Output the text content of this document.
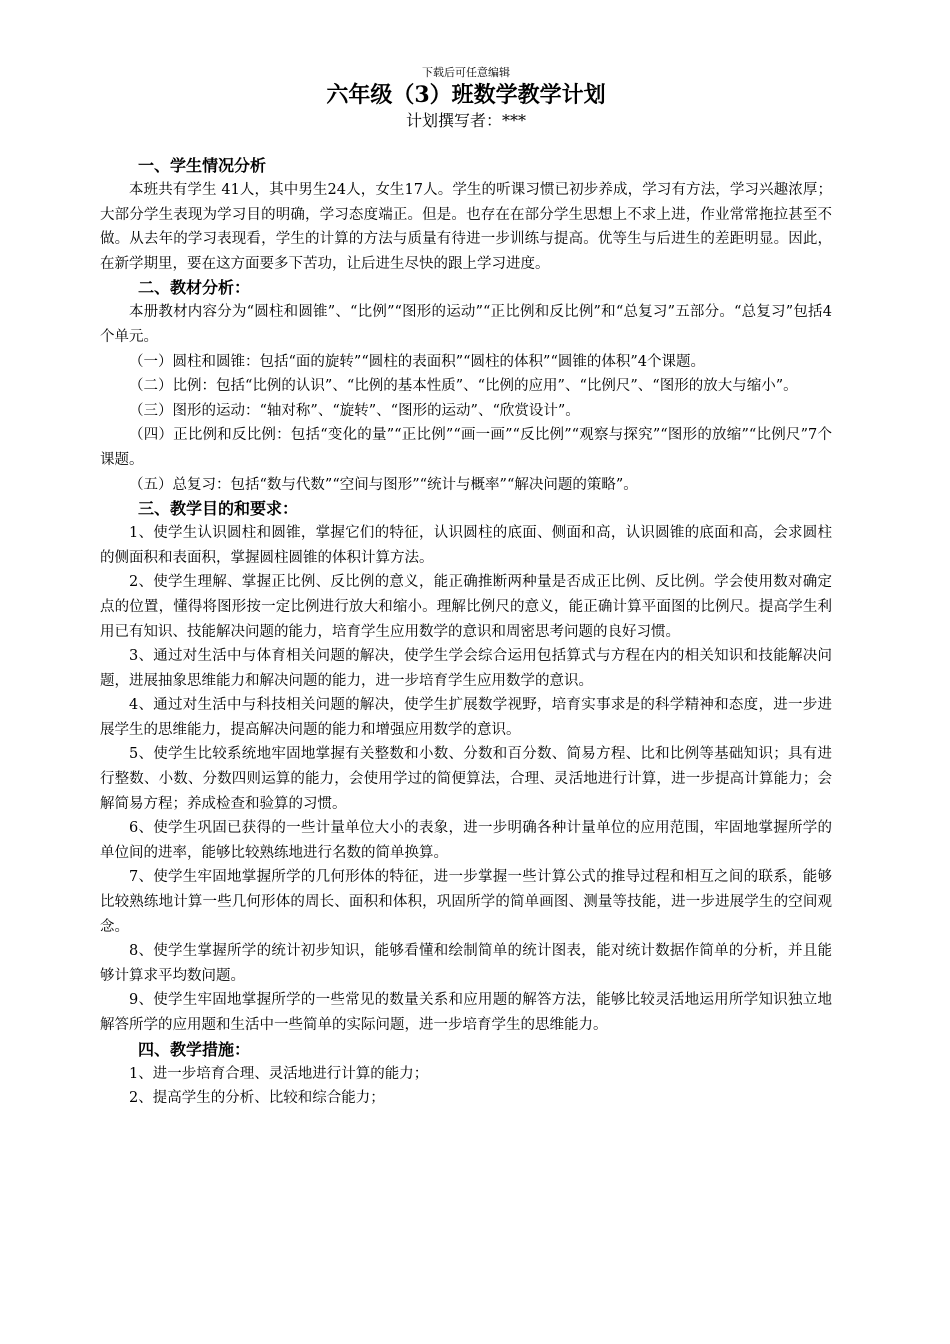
下载后可任意编辑

六年级（3）班数学教学计划

计划撰写者：***

一、学生情况分析

本班共有学生 41人，其中男生24人，女生17人。学生的听课习惯已初步养成，学习有方法，学习兴趣浓厚；大部分学生表现为学习目的明确，学习态度端正。但是。也存在在部分学生思想上不求上进，作业常常拖拉甚至不做。从去年的学习表现看，学生的计算的方法与质量有待进一步训练与提高。优等生与后进生的差距明显。因此，在新学期里，要在这方面要多下苦功，让后进生尽快的跟上学习进度。

二、教材分析：

本册教材内容分为“圆柱和圆锥”、“比例”“图形的运动”“正比例和反比例”和“总复习”五部分。“总复习”包括4个单元。

（一）圆柱和圆锥：包括“面的旋转”“圆柱的表面积”“圆柱的体积”“圆锥的体积”4个课题。

（二）比例：包括“比例的认识”、“比例的基本性质”、“比例的应用”、“比例尺”、“图形的放大与缩小”。

（三）图形的运动：“轴对称”、“旋转”、“图形的运动”、“欣赏设计”。

（四）正比例和反比例：包括“变化的量”“正比例”“画一画”“反比例”“观察与探究”“图形的放缩”“比例尺”7个课题。

（五）总复习：包括“数与代数”“空间与图形”“统计与概率”“解决问题的策略”。

三、教学目的和要求：

1、使学生认识圆柱和圆锥，掌握它们的特征，认识圆柱的底面、侧面和高，认识圆锥的底面和高，会求圆柱的侧面积和表面积，掌握圆柱圆锥的体积计算方法。

2、使学生理解、掌握正比例、反比例的意义，能正确推断两种量是否成正比例、反比例。学会使用数对确定点的位置，懂得将图形按一定比例进行放大和缩小。理解比例尺的意义，能正确计算平面图的比例尺。提高学生利用已有知识、技能解决问题的能力，培育学生应用数学的意识和周密思考问题的良好习惯。

3、通过对生活中与体育相关问题的解决，使学生学会综合运用包括算式与方程在内的相关知识和技能解决问题，进展抽象思维能力和解决问题的能力，进一步培育学生应用数学的意识。

4、通过对生活中与科技相关问题的解决，使学生扩展数学视野，培育实事求是的科学精神和态度，进一步进展学生的思维能力，提高解决问题的能力和增强应用数学的意识。

5、使学生比较系统地牢固地掌握有关整数和小数、分数和百分数、简易方程、比和比例等基础知识；具有进行整数、小数、分数四则运算的能力，会使用学过的简便算法，合理、灵活地进行计算，进一步提高计算能力；会解简易方程；养成检查和验算的习惯。

6、使学生巩固已获得的一些计量单位大小的表象，进一步明确各种计量单位的应用范围，牢固地掌握所学的单位间的进率，能够比较熟练地进行名数的简单换算。

7、使学生牢固地掌握所学的几何形体的特征，进一步掌握一些计算公式的推导过程和相互之间的联系，能够比较熟练地计算一些几何形体的周长、面积和体积，巩固所学的简单画图、测量等技能，进一步进展学生的空间观念。

8、使学生掌握所学的统计初步知识，能够看懂和绘制简单的统计图表，能对统计数据作简单的分析，并且能够计算求平均数问题。

9、使学生牢固地掌握所学的一些常见的数量关系和应用题的解答方法，能够比较灵活地运用所学知识独立地解答所学的应用题和生活中一些简单的实际问题，进一步培育学生的思维能力。

四、教学措施：

1、进一步培育合理、灵活地进行计算的能力；

2、提高学生的分析、比较和综合能力；
